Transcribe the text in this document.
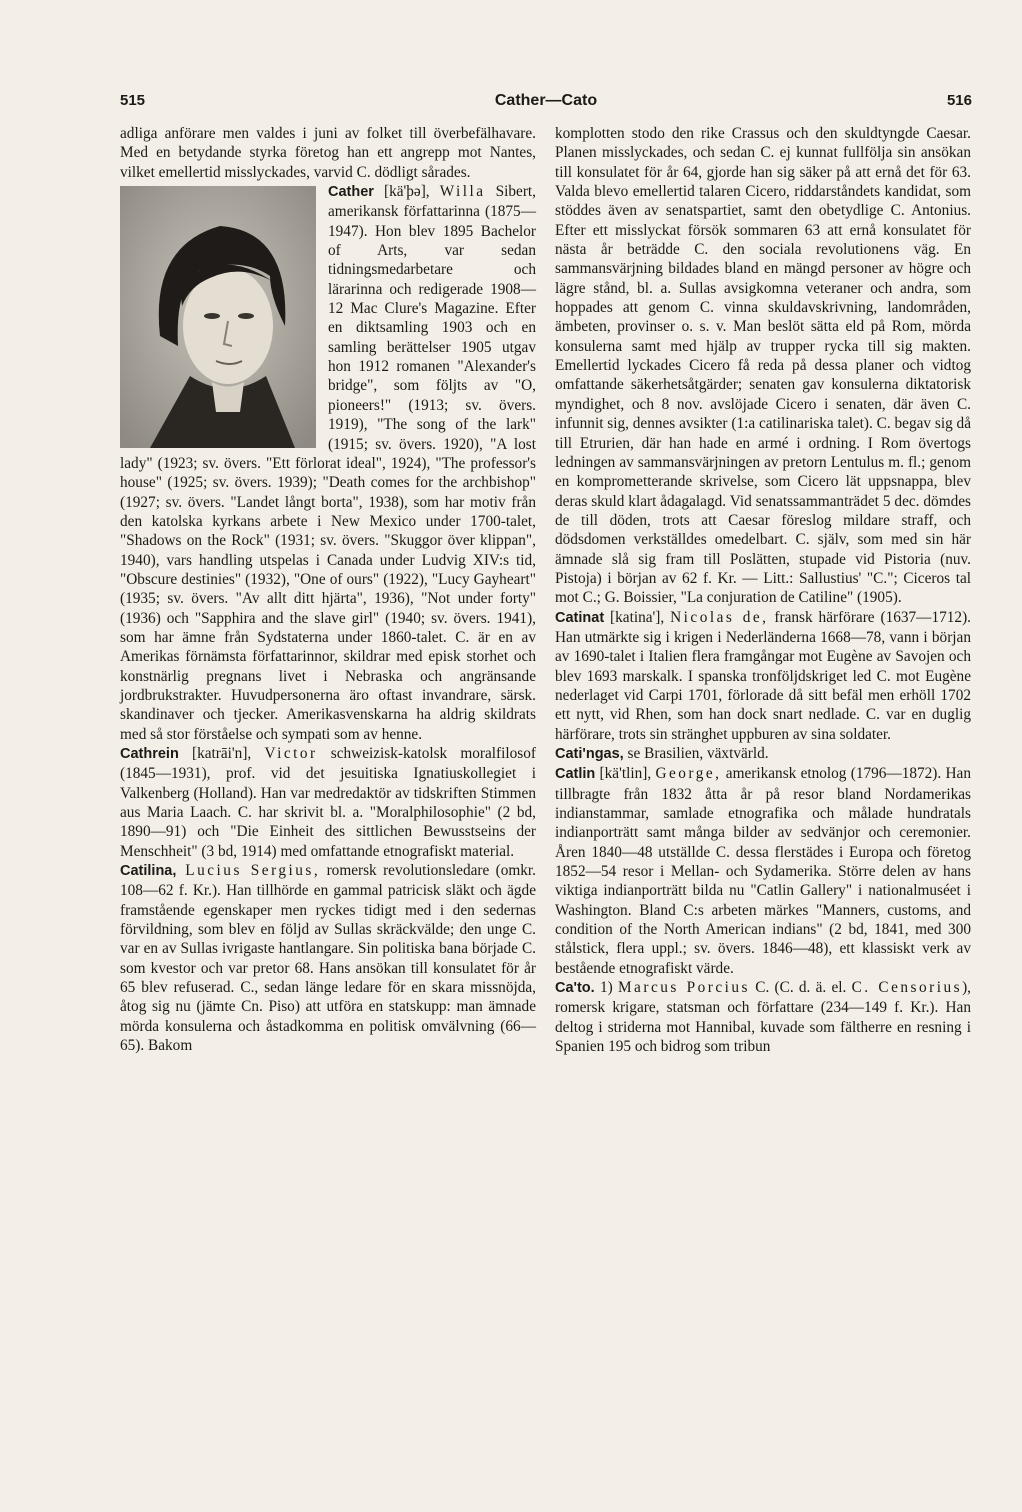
515	Cather—Cato	516

adliga anförare men valdes i juni av folket till överbefälhavare. Med en betydande styrka företog han ett angrepp mot Nantes, vilket emellertid misslyckades, varvid C. dödligt sårades.

Cather [kä'þə], Willa
Sibert, amerikansk författarinna (1875—1947). Hon blev 1895 Bachelor of Arts, var sedan tidningsmedarbetare och lärarinna och redigerade 1908—12 Mac Clure's Magazine. Efter en diktsamling 1903 och en samling berättelser 1905 utgav hon 1912 romanen "Alexander's bridge", som följts av "O, pioneers!" (1913; sv. övers. 1919), "The song of the lark" (1915; sv. övers. 1920), "A lost lady" (1923; sv. övers. "Ett förlorat ideal", 1924), "The professor's house" (1925; sv. övers. 1939); "Death comes for the archbishop" (1927; sv. övers. "Landet långt borta", 1938), som har motiv från den katolska kyrkans arbete i New Mexico under 1700-talet, "Shadows on the Rock" (1931; sv. övers. "Skuggor över klippan", 1940), vars handling utspelas i Canada under Ludvig XIV:s tid, "Obscure destinies" (1932), "One of ours" (1922), "Lucy Gayheart" (1935; sv. övers. "Av allt ditt hjärta", 1936), "Not under forty" (1936) och "Sapphira and the slave girl" (1940; sv. övers. 1941), som har ämne från Sydstaterna under 1860-talet. C. är en av Amerikas förnämsta författarinnor, skildrar med episk storhet och konstnärlig pregnans livet i Nebraska och angränsande jordbrukstrakter. Huvudpersonerna äro oftast invandrare, särsk. skandinaver och tjecker. Amerikasvenskarna ha aldrig skildrats med så stor förståelse och sympati som av henne.

Cathrein [katrāi'n], Victor schweizisk-katolsk moralfilosof (1845—1931), prof. vid det jesuitiska Ignatiuskollegiet i Valkenberg (Holland). Han var medredaktör av tidskriften Stimmen aus Maria Laach. C. har skrivit bl. a. "Moralphilosophie" (2 bd, 1890—91) och "Die Einheit des sittlichen Bewusstseins der Menschheit" (3 bd, 1914) med omfattande etnografiskt material.

Catilina, Lucius Sergius, romersk revolutionsledare (omkr. 108—62 f. Kr.). Han tillhörde en gammal patricisk släkt och ägde framstående egenskaper men ryckes tidigt med i den sedernas förvildning, som blev en följd av Sullas skräckvälde; den unge C. var en av Sullas ivrigaste hantlangare. Sin politiska bana började C. som kvestor och var pretor 68. Hans ansökan till konsulatet för år 65 blev refuserad. C., sedan länge ledare för en skara missnöjda, åtog sig nu (jämte Cn. Piso) att utföra en statskupp: man ämnade mörda konsulerna och åstadkomma en politisk omvälvning (66—65). Bakom

komplotten stodo den rike Crassus och den skuldtyngde Caesar. Planen misslyckades, och sedan C. ej kunnat fullfölja sin ansökan till konsulatet för år 64, gjorde han sig säker på att ernå det för 63. Valda blevo emellertid talaren Cicero, riddarståndets kandidat, som stöddes även av senatspartiet, samt den obetydlige C. Antonius. Efter ett misslyckat försök sommaren 63 att ernå konsulatet för nästa år beträdde C. den sociala revolutionens väg. En sammansvärjning bildades bland en mängd personer av högre och lägre stånd, bl. a. Sullas avsigkomna veteraner och andra, som hoppades att genom C. vinna skuldavskrivning, landområden, ämbeten, provinser o. s. v. Man beslöt sätta eld på Rom, mörda konsulerna samt med hjälp av trupper rycka till sig makten. Emellertid lyckades Cicero få reda på dessa planer och vidtog omfattande säkerhetsåtgärder; senaten gav konsulerna diktatorisk myndighet, och 8 nov. avslöjade Cicero i senaten, där även C. infunnit sig, dennes avsikter (1:a catilinariska talet). C. begav sig då till Etrurien, där han hade en armé i ordning. I Rom övertogs ledningen av sammansvärjningen av pretorn Lentulus m. fl.; genom en komprometterande skrivelse, som Cicero lät uppsnappa, blev deras skuld klart ådagalagd. Vid senatssammanträdet 5 dec. dömdes de till döden, trots att Caesar föreslog mildare straff, och dödsdomen verkställdes omedelbart. C. själv, som med sin här ämnade slå sig fram till Poslätten, stupade vid Pistoria (nuv. Pistoja) i början av 62 f. Kr. — Litt.: Sallustius' "C."; Ciceros tal mot C.; G. Boissier, "La conjuration de Catiline" (1905).

Catinat [katina'], Nicolas de, fransk härförare (1637—1712). Han utmärkte sig i krigen i Nederländerna 1668—78, vann i början av 1690-talet i Italien flera framgångar mot Eugène av Savojen och blev 1693 marskalk. I spanska tronföljdskriget led C. mot Eugène nederlaget vid Carpi 1701, förlorade då sitt befäl men erhöll 1702 ett nytt, vid Rhen, som han dock snart nedlade. C. var en duglig härförare, trots sin stränghet uppburen av sina soldater.

Cati'ngas, se Brasilien, växtvärld.

Catlin [kä'tlin], George, amerikansk etnolog (1796—1872). Han tillbragte från 1832 åtta år på resor bland Nordamerikas indianstammar, samlade etnografika och målade hundratals indianporträtt samt många bilder av sedvänjor och ceremonier. Åren 1840—48 utställde C. dessa flerstädes i Europa och företog 1852—54 resor i Mellan- och Sydamerika. Större delen av hans viktiga indianporträtt bilda nu "Catlin Gallery" i nationalmuséet i Washington. Bland C:s arbeten märkes "Manners, customs, and condition of the North American indians" (2 bd, 1841, med 300 stålstick, flera uppl.; sv. övers. 1846—48), ett klassiskt verk av bestående etnografiskt värde.

Ca'to. 1) Marcus Porcius C. (C. d. ä. el. C. Censorius), romersk krigare, statsman och författare (234—149 f. Kr.). Han deltog i striderna mot Hannibal, kuvade som fältherre en resning i Spanien 195 och bidrog som tribun
